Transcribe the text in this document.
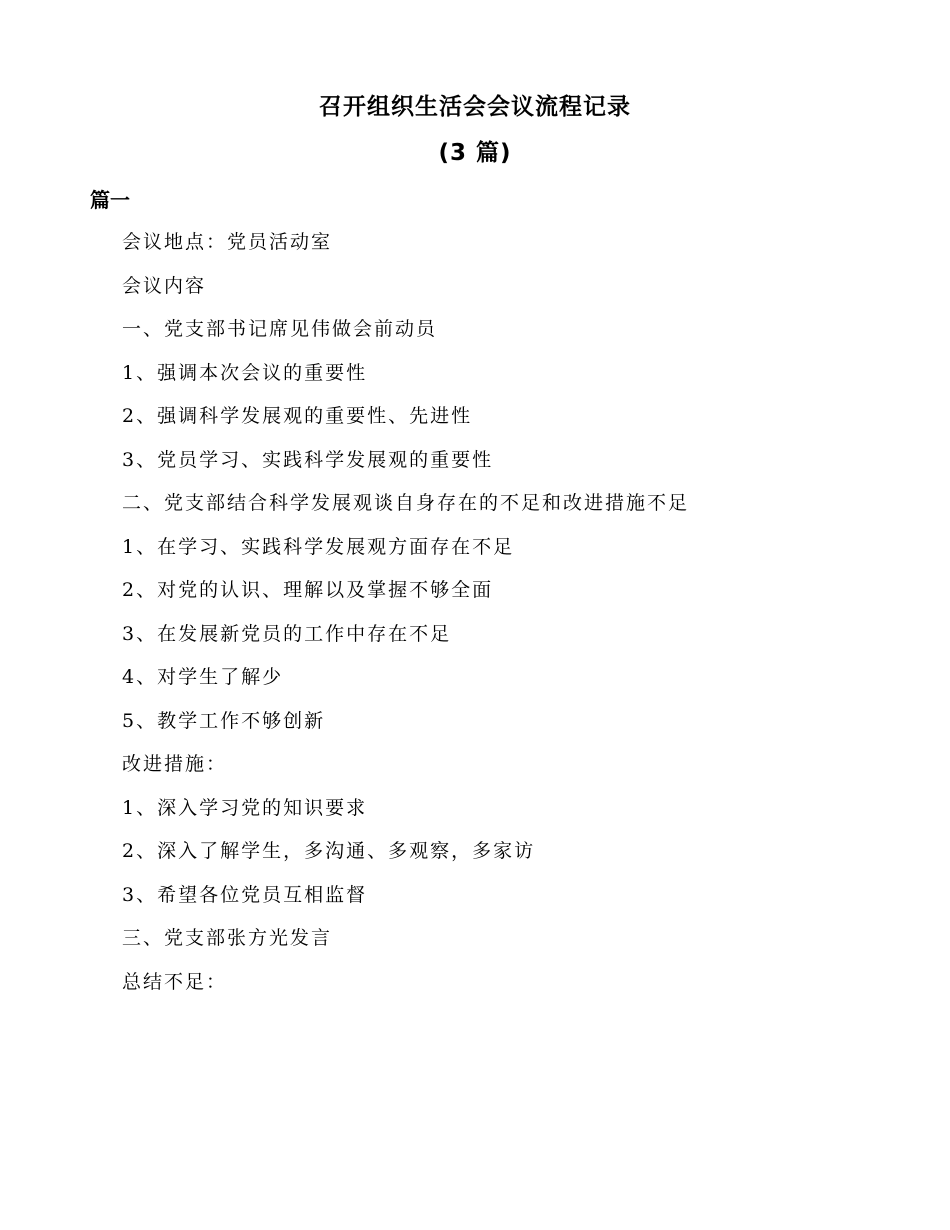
召开组织生活会会议流程记录
(3 篇)
篇一
会议地点：党员活动室
会议内容
一、党支部书记席见伟做会前动员
1、强调本次会议的重要性
2、强调科学发展观的重要性、先进性
3、党员学习、实践科学发展观的重要性
二、党支部结合科学发展观谈自身存在的不足和改进措施不足
1、在学习、实践科学发展观方面存在不足
2、对党的认识、理解以及掌握不够全面
3、在发展新党员的工作中存在不足
4、对学生了解少
5、教学工作不够创新
改进措施：
1、深入学习党的知识要求
2、深入了解学生，多沟通、多观察，多家访
3、希望各位党员互相监督
三、党支部张方光发言
总结不足：
